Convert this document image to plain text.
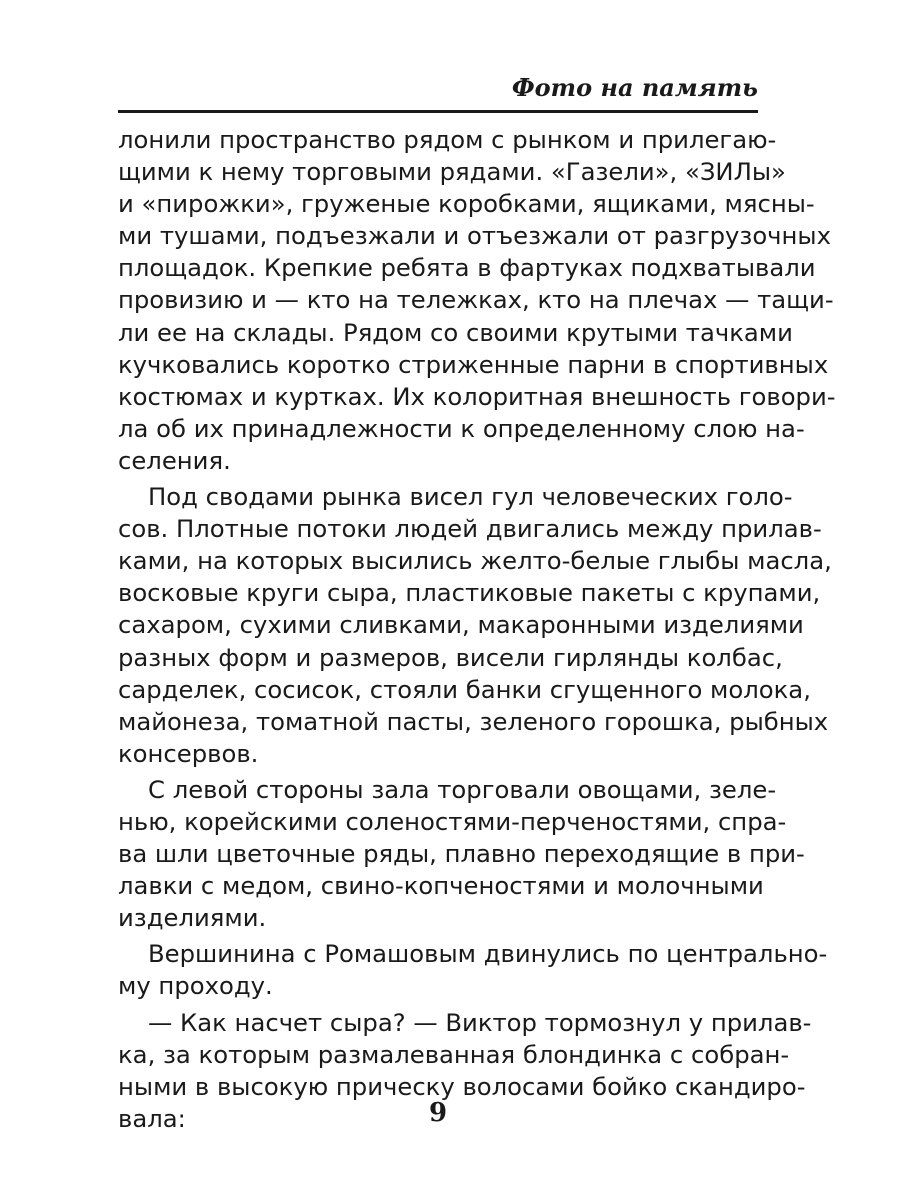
Фото на память
лонили пространство рядом с рынком и прилегаю-
щими к нему торговыми рядами. «Газели», «ЗИЛы»
и «пирожки», груженые коробками, ящиками, мясны-
ми тушами, подъезжали и отъезжали от разгрузочных
площадок. Крепкие ребята в фартуках подхватывали
провизию и — кто на тележках, кто на плечах — тащи-
ли ее на склады. Рядом со своими крутыми тачками
кучковались коротко стриженные парни в спортивных
костюмах и куртках. Их колоритная внешность говори-
ла об их принадлежности к определенному слою на-
селения.
Под сводами рынка висел гул человеческих голо-
сов. Плотные потоки людей двигались между прилав-
ками, на которых высились желто-белые глыбы масла,
восковые круги сыра, пластиковые пакеты с крупами,
сахаром, сухими сливками, макаронными изделиями
разных форм и размеров, висели гирлянды колбас,
сарделек, сосисок, стояли банки сгущенного молока,
майонеза, томатной пасты, зеленого горошка, рыбных
консервов.
С левой стороны зала торговали овощами, зеле-
нью, корейскими соленостями-перченостями, спра-
ва шли цветочные ряды, плавно переходящие в при-
лавки с медом, свино-копченостями и молочными
изделиями.
Вершинина с Ромашовым двинулись по центрально-
му проходу.
— Как насчет сыра? — Виктор тормознул у прилав-
ка, за которым размалеванная блондинка с собран-
ными в высокую прическу волосами бойко скандиро-
вала:	9
